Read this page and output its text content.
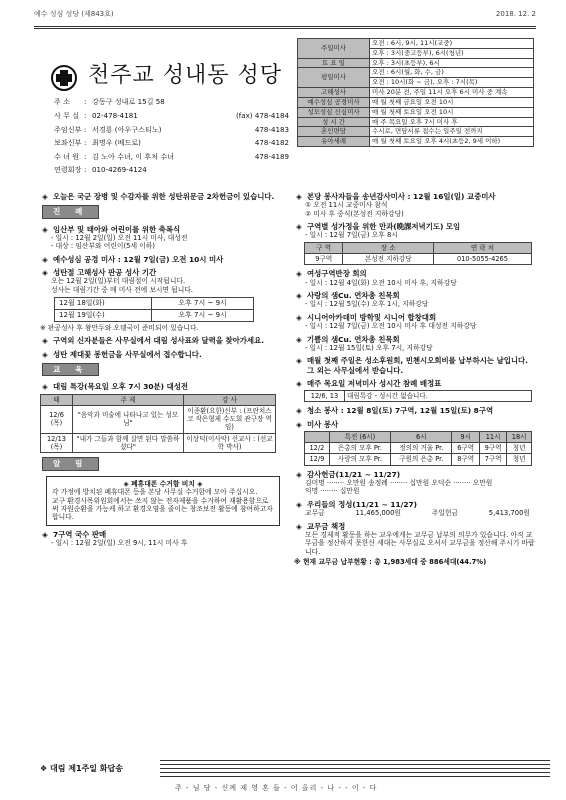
예수 성심 성당 (제843호)	2018. 12. 2
천주교 성내동 성당
주 소	: 강동구 성내로 15길 58
사 무 실 : 02-478-4181	(fax) 478-4184
주임신부 : 서경룡 (아우구스티노)	478-4183
보좌신부 : 최명우 (베드로)	478-4182
수 녀 원 : 김 노아 수녀, 이 후처 수녀	478-4189
연령회장 : 010-4269-4124
주일미사	오전 : 6시, 9시, 11시(교중)
	오후 : 3시(중고등부), 6시(청년)
토 요 일	오후 : 3시(초등부), 6시
평일미사	오전 : 6시(월, 화, 수, 금)
	오전 : 10시(화 ~ 금), 오후 : 7시(목)
고해성사	미사 20분 전, 주일 11시 오후 6시 미사 중 계속
예수성심 공경미사	매 월 첫째 금요일 오전 10시
성모성심 신심미사	매 월 첫째 토요일 오전 10시
성 시 간	매 주 목요일 오후 7시 미사 후
혼인면담	수시로, 면담서류 접수는 일주일 전까지
유아세례	매 월 첫째 토요일 오후 4시(초등2, 9세 이하)
◈ 오늘은 국군 장병 및 수감자를 위한 성탄위문금 2차헌금이 있습니다.
진 례
◈ 임산부 및 태아와 어린이를 위한 축복식
- 일시 : 12월 2일(일) 오전 11시 미사, 대성전
- 대상 : 임산부와 어린이(5세 이하)
◈ 예수성심 공경 미사 : 12월 7일(금) 오전 10시 미사
◈ 성탄절 고해성사 판공 성사 기간
오는 12월 2일(일)부터 대림절이 시작됩니다.
성사는 대림기간 중 매 미사 전에 보시면 됩니다.
12월 18일(화)	오후 7시 ~ 9시
12월 19일(수)	오후 7시 ~ 9시
※ 판공성사 후 왕만두와 오뎅국이 준비되어 있습니다.
◈ 구역외 신자분들은 사무실에서 대림 성사표와 달력을 찾아가세요.
◈ 성탄 제대꽃 봉헌금을 사무실에서 접수합니다.
교 육
◈ 대림 특강(목요일 오후 7시 30분) 대성전
때	주 제	강 사
12/6 (목)	"음악과 미술에 나타나고 있는 성모님"	이종환(요한)신부 : (프란치스코 작은형제 수도회 관구장 역임)
12/13 (목)	"내가 그들과 함께 살면 된다 말씀하셨다"	이상덕(이사악) 선교사 : (선교학 박사)
알 림
◈ 폐휴대폰 수거함 비치 ◈
각 가정에 방치된 폐휴대폰 등을 본당 사무실 수거함에 모아 주십시오.
교구 환경사목위원회에서는 쓰지 않는 전자제품을 수거하여 재활용함으로써 자원순환을 가능케 하고 환경오염을 줄이는 창조보전 활동에 참여하고자 합니다.
◈ 7구역 국수 판매
- 일시 : 12월 2일(일) 오전 9시, 11시 미사 후
◈ 본당 봉사자들을 송년감사미사 : 12월 16일(일) 교중미사
① 오전 11시 교중미사 참석
② 미사 후 중식(본성전 지하강당)
◈ 구역별 성가정을 위한 만과(晩課저녁기도) 모임
- 일시 : 12월 7일(금) 오후 8시
구 역	장 소	연 락 처
9구역	본성전 지하강당	010-5055-4265
◈ 여성구역반장 회의
- 일시 : 12월 4일(화) 오전 10시 미사 후, 지하강당
◈ 사랑의 샘Cu. 연차총 친목회
- 일시 : 12월 5일(수) 오후 1시, 지하강당
◈ 시니어아카데미 방학및 시니어 합창대회
- 일시 : 12월 7일(금) 오전 10시 미사 후 대성전 지하강당
◈ 기쁨의 샘Cu. 연차총 친목회
- 일시 : 12월 15일(토) 오후 7시, 지하강당
◈ 매월 첫째 주일은 성소후원회, 빈첸시오회비를 납부하시는 날입니다. 그 외는 사무실에서 받습니다.
◈ 매주 목요일 저녁미사 성시간 참례 배정표
12/6, 13	대림특강 - 성시간 없습니다.
◈ 청소 봉사 : 12월 8일(토) 7구역, 12월 15일(토) 8구역
◈ 미사 봉사
	특전 (6시)	6시	9시	11시	18시
12/2	은총의 모후 Pr.	정의의 거울 Pr.	6구역	9구역	청년
12/9	사랑의 모후 Pr.	구원의 은총 Pr.	8구역	7구역	청년
◈ 감사헌금(11/21 ~ 11/27)
김미명 ········ 오만원 송정례 ········ 십만원 오덕순 ········ 오만원
익명 ········ 십만원
◈ 우리들의 정성(11/21 ~ 11/27)
교무금	11,465,000원	주일헌금	5,413,700원
◈ 교무금 책정
모든 경제적 활동을 하는 교우에게는 교무금 납부의 의무가 있습니다. 아직 교무금을 정산하지 못한신 세대는 사무실로 오셔서 교무금을 정산해 주시기 바랍니다.
※ 현재 교무금 납부현황 : 총 1,983세대 중 886세대(44.7%)
❖ 대림 제1주일 화답송
주 - 님 당 - 신께 제 영 혼 들 - 어 올리 - 나 - - 이 - 다
